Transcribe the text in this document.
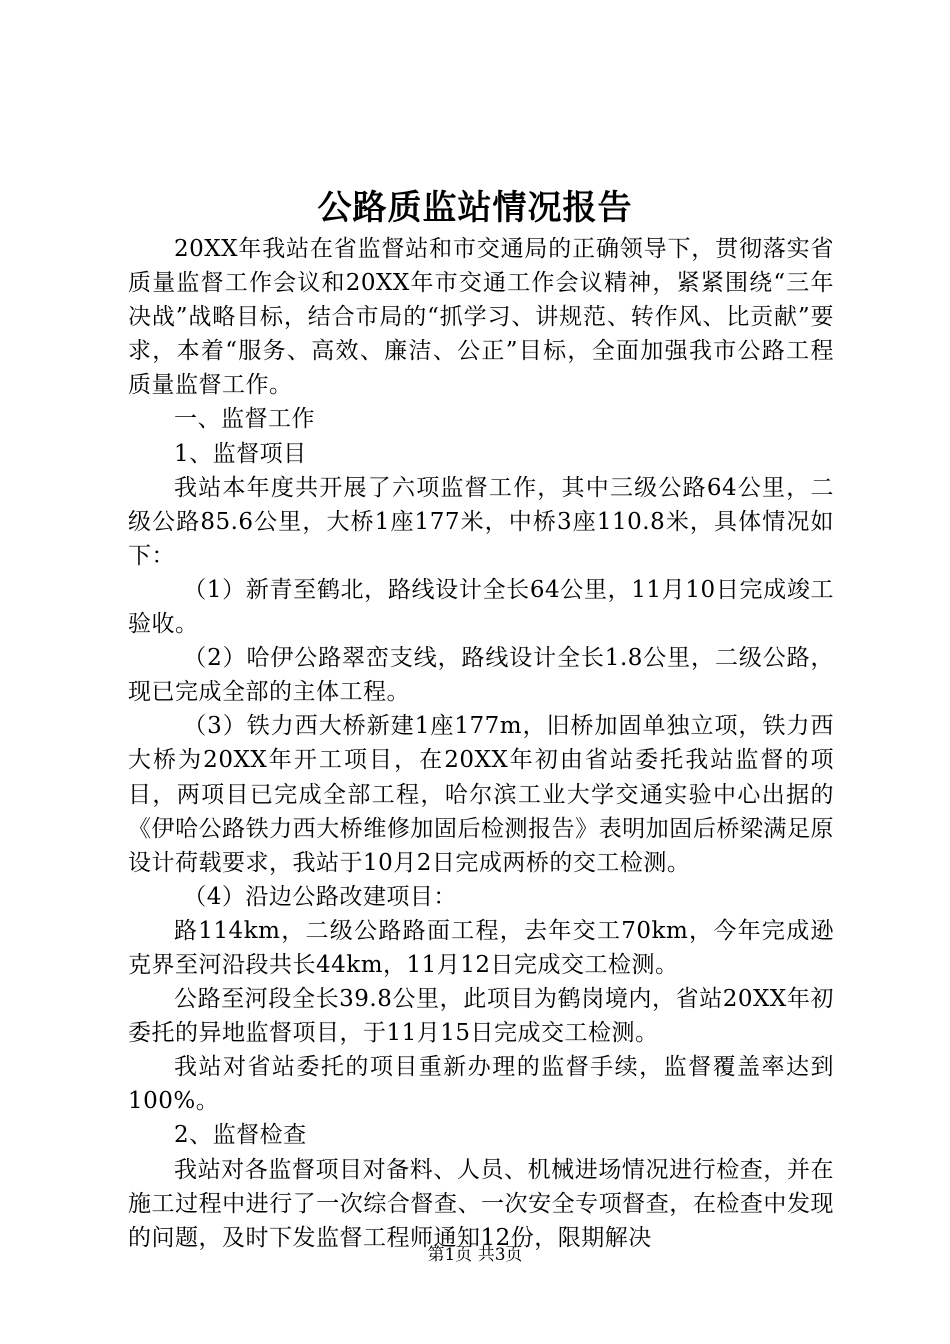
公路质监站情况报告

20XX年我站在省监督站和市交通局的正确领导下，贯彻落实省质量监督工作会议和20XX年市交通工作会议精神，紧紧围绕“三年决战”战略目标，结合市局的“抓学习、讲规范、转作风、比贡献”要求，本着“服务、高效、廉洁、公正”目标，全面加强我市公路工程质量监督工作。

一、监督工作

1、监督项目

我站本年度共开展了六项监督工作，其中三级公路64公里，二级公路85.6公里，大桥1座177米，中桥3座110.8米，具体情况如下：

（1）新青至鹤北，路线设计全长64公里，11月10日完成竣工验收。

（2）哈伊公路翠峦支线，路线设计全长1.8公里，二级公路，现已完成全部的主体工程。

（3）铁力西大桥新建1座177m，旧桥加固单独立项，铁力西大桥为20XX年开工项目，在20XX年初由省站委托我站监督的项目，两项目已完成全部工程，哈尔滨工业大学交通实验中心出据的《伊哈公路铁力西大桥维修加固后检测报告》表明加固后桥梁满足原设计荷载要求，我站于10月2日完成两桥的交工检测。

（4）沿边公路改建项目：

路114km，二级公路路面工程，去年交工70km，今年完成逊克界至河沿段共长44km，11月12日完成交工检测。

公路至河段全长39.8公里，此项目为鹤岗境内，省站20XX年初委托的异地监督项目，于11月15日完成交工检测。

我站对省站委托的项目重新办理的监督手续，监督覆盖率达到100%。

2、监督检查

我站对各监督项目对备料、人员、机械进场情况进行检查，并在施工过程中进行了一次综合督查、一次安全专项督查，在检查中发现的问题，及时下发监督工程师通知12份，限期解决

第1页 共3页
